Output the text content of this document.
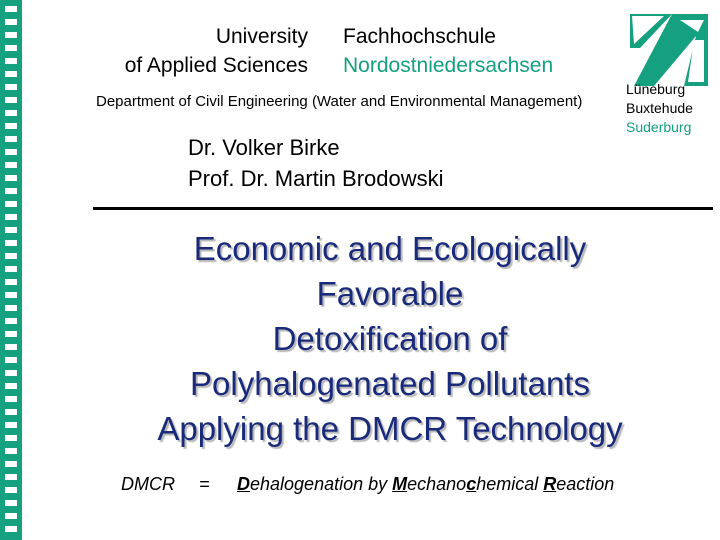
University
of Applied Sciences
Fachhochschule
Nordostniedersachsen
Department of Civil Engineering (Water and Environmental Management)
Lüneburg
Buxtehude
Suderburg
Dr. Volker Birke
Prof. Dr. Martin Brodowski
Economic and Ecologically
Favorable
Detoxification of
Polyhalogenated Pollutants
Applying the DMCR Technology
DMCR = Dehalogenation by Mechanochemical Reaction
